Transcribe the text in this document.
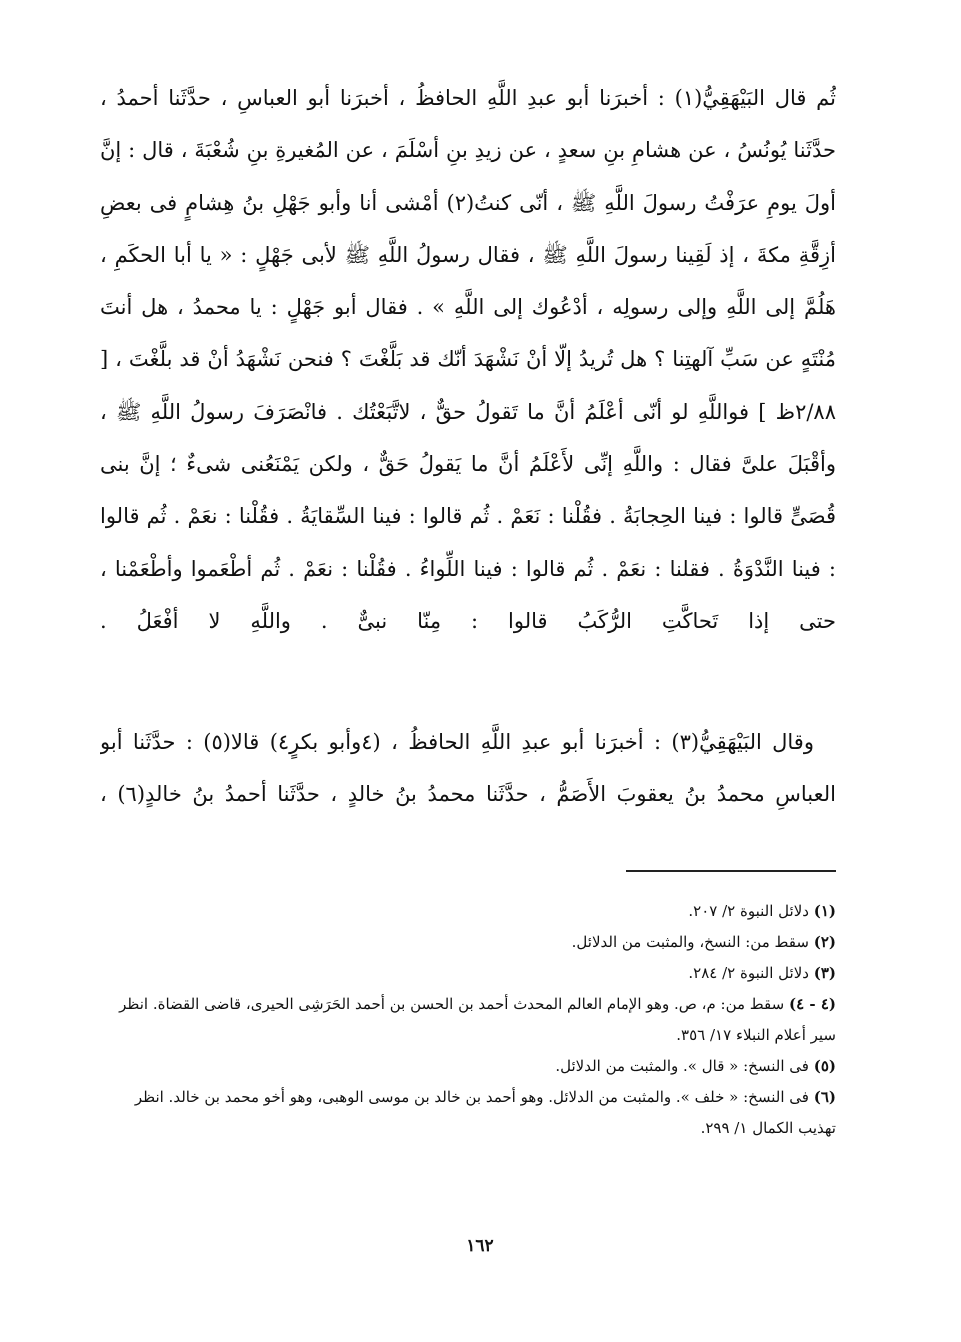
ثُم قال البَيْهَقِيُّ(١) : أخبرَنا أبو عبدِ اللَّهِ الحافظُ ، أخبرَنا أبو العباسِ ، حدَّثَنا أحمدُ ، حدَّثَنا يُونُسُ ، عن هشامِ بنِ سعدٍ ، عن زيدِ بنِ أسْلَمَ ، عن المُغيرةِ بنِ شُعْبَةَ ، قال : إنَّ أولَ يومِ عرَفْتُ رسولَ اللَّهِ ﷺ ، أنّى كنتُ(٢) أمْشى أنا وأبو جَهْلِ بنُ هِشامٍ فى بعضِ أزِقَّةِ مكةَ ، إذ لَقِينا رسولَ اللَّهِ ﷺ ، فقال رسولُ اللَّهِ ﷺ لأبى جَهْلٍ : « يا أبا الحكَمِ ، هَلُمَّ إلى اللَّهِ وإلى رسولِه ، أدْعُوك إلى اللَّهِ » . فقال أبو جَهْلٍ : يا محمدُ ، هل أنتَ مُنْتَهٍ عن سَبِّ آلهتِنا ؟ هل تُريدُ إلّا أنْ نَشْهَدَ أنّك قد بَلَّغْتَ ؟ فنحن نَشْهَدُ أنْ قد بلَّغْتَ ، [ ٢/٨٨ظ ] فواللَّهِ لو أنّى أعْلَمُ أنَّ ما تَقولُ حقٌّ ، لاتَّبَعْتُك . فانْصَرَفَ رسولُ اللَّهِ ﷺ ، وأقْبَلَ علىَّ فقال : واللَّهِ إنِّى لأَعْلَمُ أنَّ ما يَقولُ حَقٌّ ، ولكن يَمْنَعُنى شىءٌ ؛ إنَّ بنى قُصَىٍّ قالوا : فينا الحِجابَةُ . فقُلْنا : نَعَمْ . ثُم قالوا : فينا السِّقايَةُ . فقُلْنا : نعَمْ . ثُم قالوا : فينا النَّدْوَةُ . فقلنا : نعَمْ . ثُم قالوا : فينا اللِّواءُ . فقُلْنا : نعَمْ . ثُم أطْعَموا وأطْعَمْنا ، حتى إذا تَحاكَّتِ الرُّكَبُ قالوا : مِنّا نبىٌّ . واللَّهِ لا أفْعَلُ .

وقال البَيْهَقِيُّ(٣) : أخبرَنا أبو عبدِ اللَّهِ الحافظُ ، (٤وأبو بكرٍ٤) قالا(٥) : حدَّثَنا أبو العباسِ محمدُ بنُ يعقوبَ الأَصَمُّ ، حدَّثَنا محمدُ بنُ خالدٍ ، حدَّثَنا أحمدُ بنُ خالدٍ(٦) ،

(١) دلائل النبوة ٢/ ٢٠٧.

(٢) سقط من: النسخ، والمثبت من الدلائل.

(٣) دلائل النبوة ٢/ ٢٨٤.

(٤ - ٤) سقط من: م، ص. وهو الإمام العالم المحدث أحمد بن الحسن بن أحمد الحَرَشِى الحيرى، قاضى القضاة. انظر سير أعلام النبلاء ١٧/ ٣٥٦.

(٥) فى النسخ: « قال ». والمثبت من الدلائل.

(٦) فى النسخ: « خلف ». والمثبت من الدلائل. وهو أحمد بن خالد بن موسى الوهبى، وهو أخو محمد بن خالد. انظر تهذيب الكمال ١/ ٢٩٩.

١٦٢
